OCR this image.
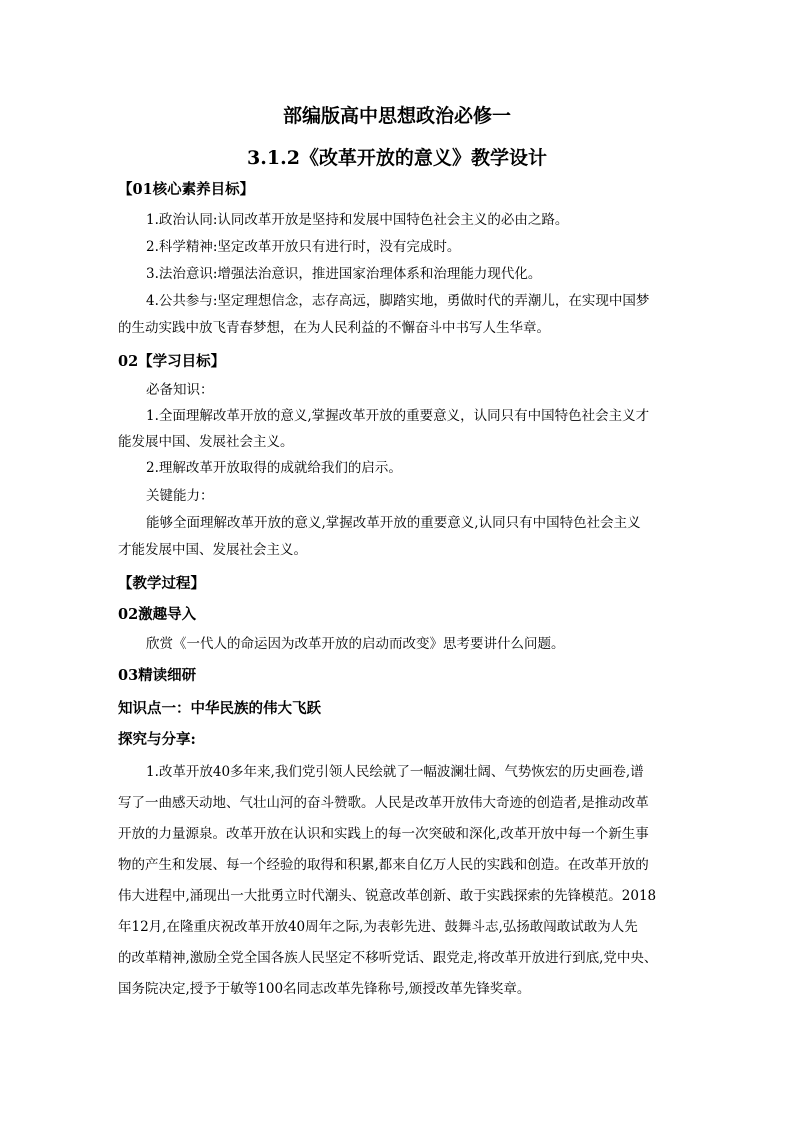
部编版高中思想政治必修一
3.1.2《改革开放的意义》教学设计
【01核心素养目标】
1.政治认同:认同改革开放是坚持和发展中国特色社会主义的必由之路。
2.科学精神:坚定改革开放只有进行时，没有完成时。
3.法治意识:增强法治意识，推进国家治理体系和治理能力现代化。
4.公共参与:坚定理想信念，志存高远，脚踏实地，勇做时代的弄潮儿，在实现中国梦
的生动实践中放飞青春梦想，在为人民利益的不懈奋斗中书写人生华章。
02【学习目标】
必备知识：
1.全面理解改革开放的意义,掌握改革开放的重要意义，认同只有中国特色社会主义才
能发展中国、发展社会主义。
2.理解改革开放取得的成就给我们的启示。
关键能力：
能够全面理解改革开放的意义,掌握改革开放的重要意义,认同只有中国特色社会主义
才能发展中国、发展社会主义。
【教学过程】
02激趣导入
欣赏《一代人的命运因为改革开放的启动而改变》思考要讲什么问题。
03精读细研
知识点一：中华民族的伟大飞跃
探究与分享:
1.改革开放40多年来,我们党引领人民绘就了一幅波澜壮阔、气势恢宏的历史画卷,谱
写了一曲感天动地、气壮山河的奋斗赞歌。人民是改革开放伟大奇迹的创造者,是推动改革
开放的力量源泉。改革开放在认识和实践上的每一次突破和深化,改革开放中每一个新生事
物的产生和发展、每一个经验的取得和积累,都来自亿万人民的实践和创造。在改革开放的
伟大进程中,涌现出一大批勇立时代潮头、锐意改革创新、敢于实践探索的先锋模范。2018
年12月,在隆重庆祝改革开放40周年之际,为表彰先进、鼓舞斗志,弘扬敢闯敢试敢为人先
的改革精神,激励全党全国各族人民坚定不移听党话、跟党走,将改革开放进行到底,党中央、
国务院决定,授予于敏等100名同志改革先锋称号,颁授改革先锋奖章。
